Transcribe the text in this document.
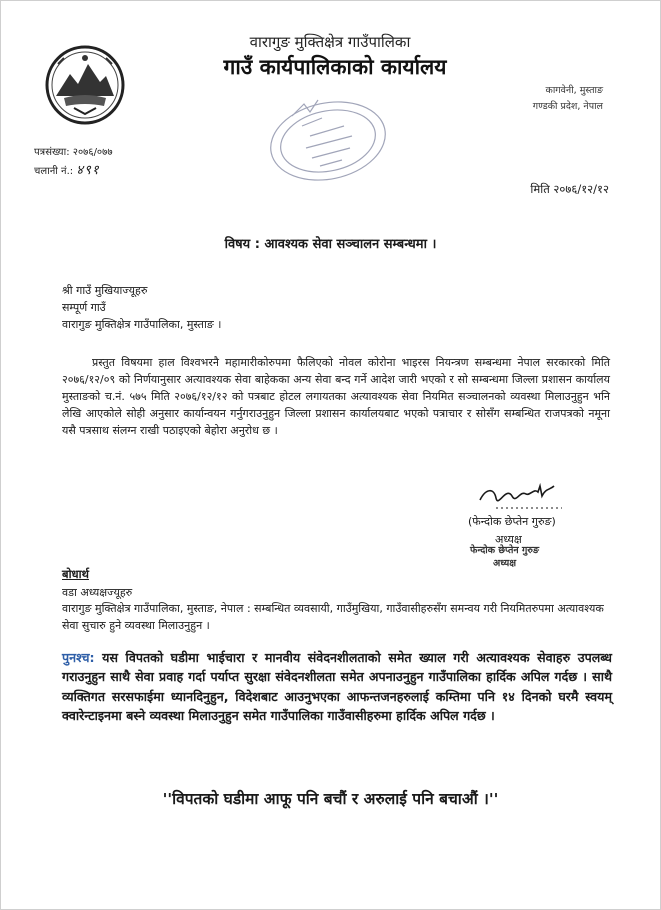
वारागुङ मुक्तिक्षेत्र गाउँपालिका
गाउँ कार्यपालिकाको कार्यालय
कागवेनी, मुस्ताङ
गण्डकी प्रदेश, नेपाल
पत्रसंख्या: २०७६/०७७
चलानी नं.: ४९१
मिति २०७६/१२/१२
विषय : आवश्यक सेवा सञ्चालन सम्बन्धमा ।
श्री गाउँ मुखियाज्यूहरु
सम्पूर्ण गाउँ
वारागुङ मुक्तिक्षेत्र गाउँपालिका, मुस्ताङ ।
प्रस्तुत विषयमा हाल विश्वभरनै महामारीकोरुपमा फैलिएको नोवल कोरोना भाइरस नियन्त्रण सम्बन्धमा नेपाल सरकारको मिति २०७६/१२/०९ को निर्णयानुसार अत्यावश्यक सेवा बाहेकका अन्य सेवा बन्द गर्ने आदेश जारी भएको र सो सम्बन्धमा जिल्ला प्रशासन कार्यालय मुस्ताङको च.नं. ५७५ मिति २०७६/१२/१२ को पत्रबाट होटल लगायतका अत्यावश्यक सेवा नियमित सञ्चालनको व्यवस्था मिलाउनुहुन भनि लेखि आएकोले सोही अनुसार कार्यान्वयन गर्नुगराउनुहुन जिल्ला प्रशासन कार्यालयबाट भएको पत्राचार र सोसँग सम्बन्धित राजपत्रको नमूना यसै पत्रसाथ संलग्न राखी पठाइएको बेहोरा अनुरोध छ ।
(फेन्दोक छेप्तेन गुरुङ)
अध्यक्ष
फेन्दोक छेप्तेन गुरुङ
अध्यक्ष
बोधार्थ
वडा अध्यक्षज्यूहरु
वारागुङ मुक्तिक्षेत्र गाउँपालिका, मुस्ताङ, नेपाल : सम्बन्धित व्यवसायी, गाउँमुखिया, गाउँवासीहरुसँग समन्वय गरी नियमितरुपमा अत्यावश्यक सेवा सुचारु हुने व्यवस्था मिलाउनुहुन ।
पुनश्च: यस विपतको घडीमा भाईचारा र मानवीय संवेदनशीलताको समेत ख्याल गरी अत्यावश्यक सेवाहरु उपलब्ध गराउनुहुन साथै सेवा प्रवाह गर्दा पर्याप्त सुरक्षा संवेदनशीलता समेत अपनाउनुहुन गाउँपालिका हार्दिक अपिल गर्दछ । साथै व्यक्तिगत सरसफाईमा ध्यानदिनुहुन, विदेशबाट आउनुभएका आफन्तजनहरुलाई कम्तिमा पनि १४ दिनको घरमै स्वयम् क्वारेन्टाइनमा बस्ने व्यवस्था मिलाउनुहुन समेत गाउँपालिका गाउँवासीहरुमा हार्दिक अपिल गर्दछ ।
''विपतको घडीमा आफू पनि बचौं र अरुलाई पनि बचाऔं ।''
